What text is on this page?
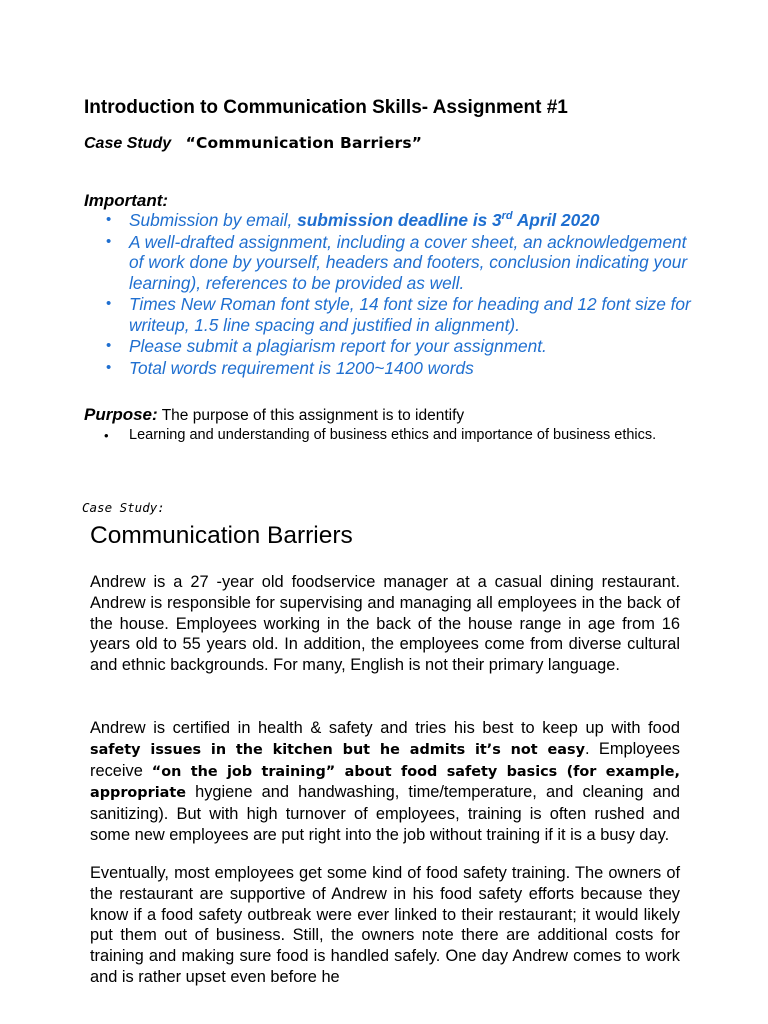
Introduction to Communication Skills- Assignment #1
Case Study “Communication Barriers”
Important:
• Submission by email, submission deadline is 3rd April 2020
• A well-drafted assignment, including a cover sheet, an acknowledgement of work done by yourself, headers and footers, conclusion indicating your learning), references to be provided as well.
• Times New Roman font style, 14 font size for heading and 12 font size for writeup, 1.5 line spacing and justified in alignment).
• Please submit a plagiarism report for your assignment.
• Total words requirement is 1200~1400 words
Purpose: The purpose of this assignment is to identify
• Learning and understanding of business ethics and importance of business ethics.
Case Study:
Communication Barriers
Andrew is a 27 -year old foodservice manager at a casual dining restaurant. Andrew is responsible for supervising and managing all employees in the back of the house. Employees working in the back of the house range in age from 16 years old to 55 years old. In addition, the employees come from diverse cultural and ethnic backgrounds. For many, English is not their primary language.
Andrew is certified in health & safety and tries his best to keep up with food safety issues in the kitchen but he admits it’s not easy. Employees receive “on the job training” about food safety basics (for example, appropriate hygiene and handwashing, time/temperature, and cleaning and sanitizing). But with high turnover of employees, training is often rushed and some new employees are put right into the job without training if it is a busy day.
Eventually, most employees get some kind of food safety training. The owners of the restaurant are supportive of Andrew in his food safety efforts because they know if a food safety outbreak were ever linked to their restaurant; it would likely put them out of business. Still, the owners note there are additional costs for training and making sure food is handled safely. One day Andrew comes to work and is rather upset even before he
